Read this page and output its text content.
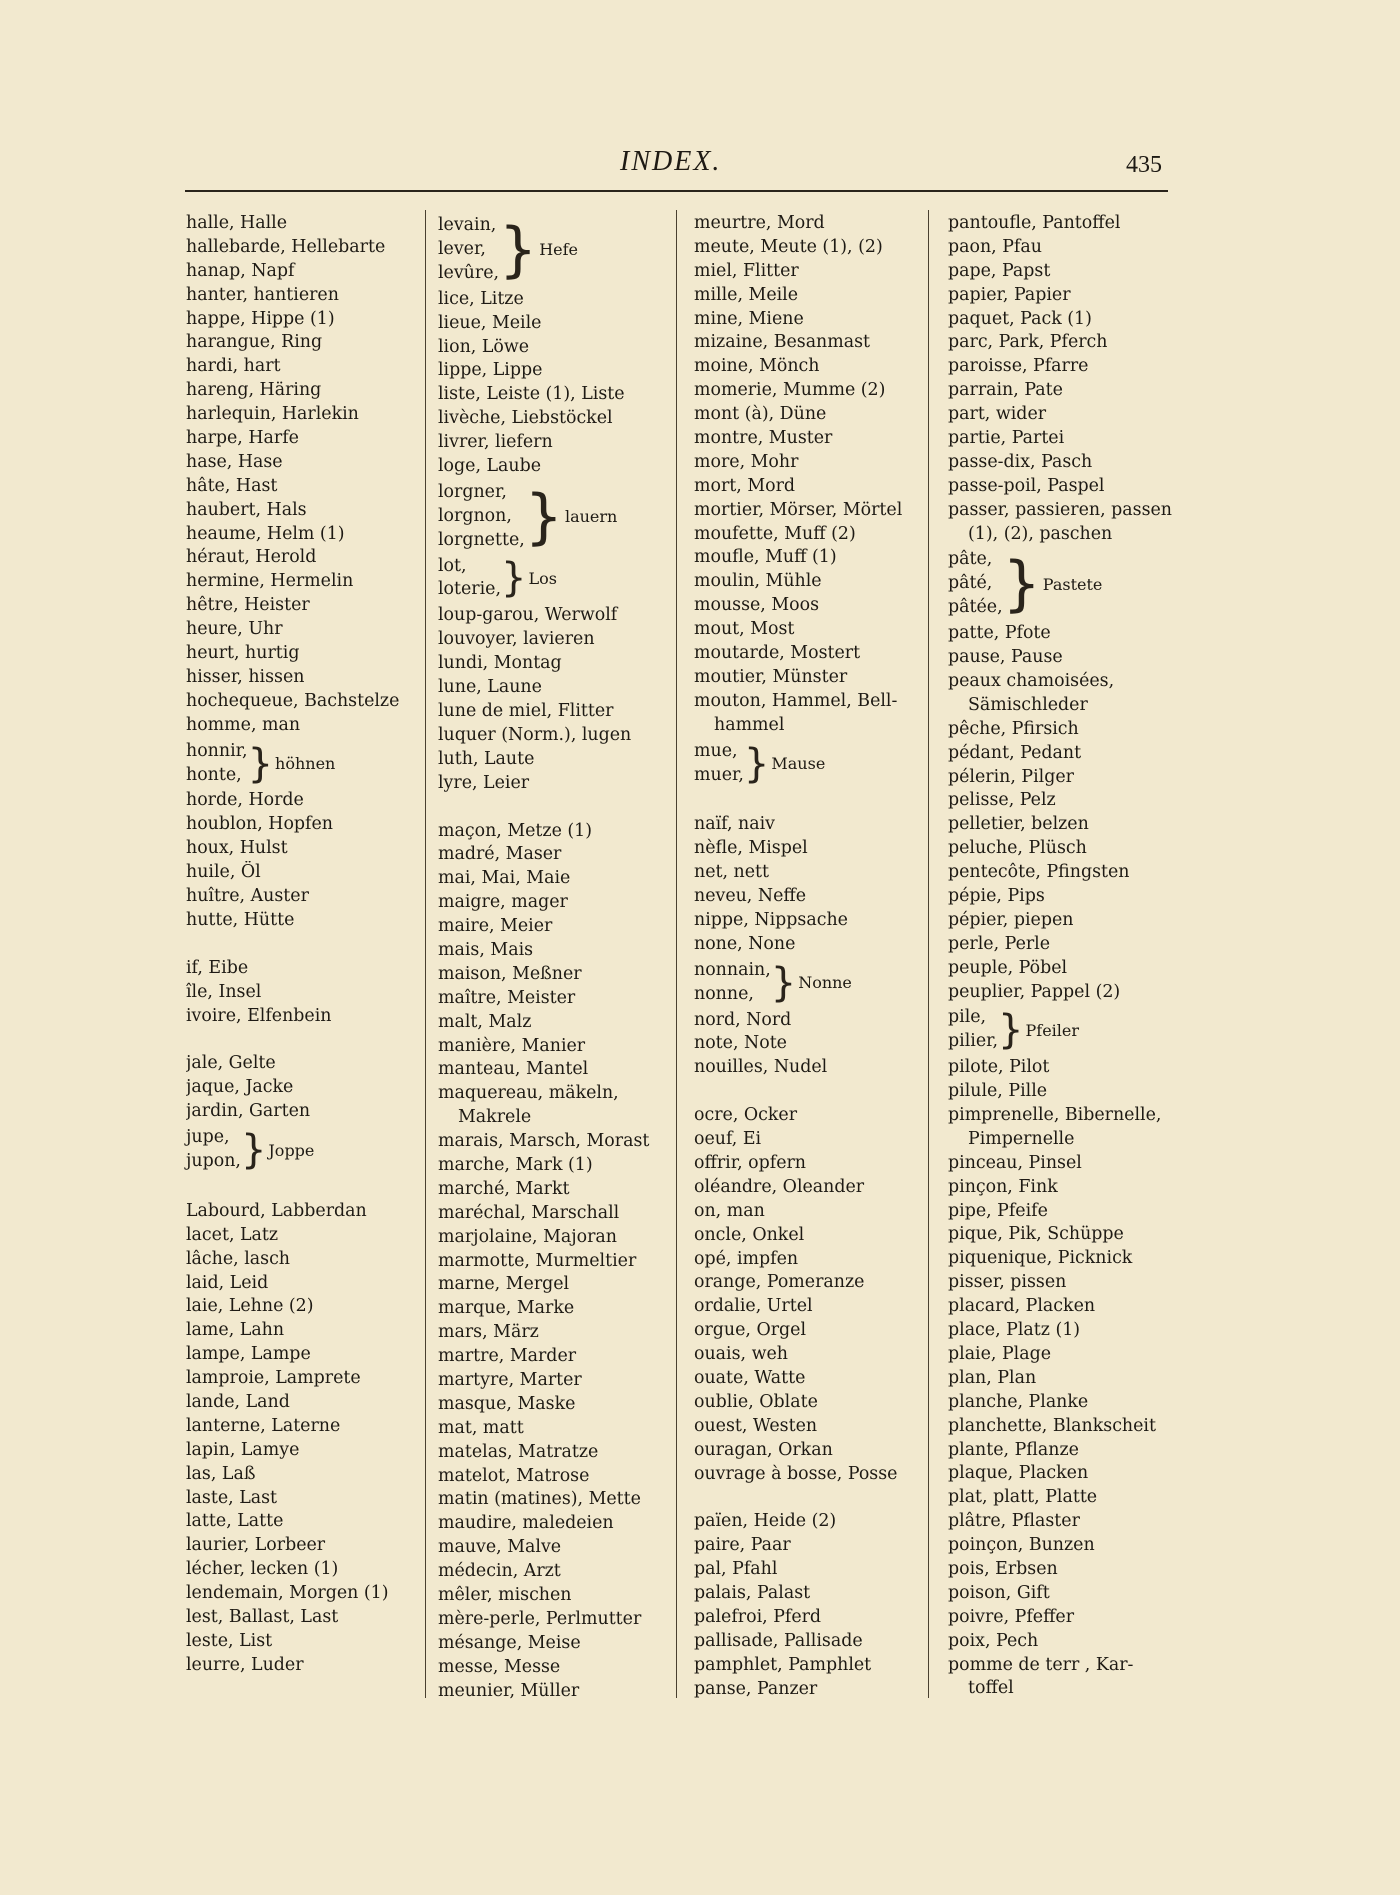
INDEX.	435
halle, Halle
hallebarde, Hellebarte
hanap, Napf
hanter, hantieren
happe, Hippe (1)
harangue, Ring
hardi, hart
hareng, Häring
harlequin, Harlekin
harpe, Harfe
hase, Hase
hâte, Hast
haubert, Hals
heaume, Helm (1)
héraut, Herold
hermine, Hermelin
hêtre, Heister
heure, Uhr
heurt, hurtig
hisser, hissen
hochequeue, Bachstelze
homme, man
honnir,
honte, } höhnen
horde, Horde
houblon, Hopfen
houx, Hulst
huile, Öl
huître, Auster
hutte, Hütte
if, Eibe
île, Insel
ivoire, Elfenbein
jale, Gelte
jaque, Jacke
jardin, Garten
jupe,
jupon, } Joppe
Labourd, Labberdan
lacet, Latz
lâche, lasch
laid, Leid
laie, Lehne (2)
lame, Lahn
lampe, Lampe
lamproie, Lamprete
lande, Land
lanterne, Laterne
lapin, Lamye
las, Laß
laste, Last
latte, Latte
laurier, Lorbeer
lécher, lecken (1)
lendemain, Morgen (1)
lest, Ballast, Last
leste, List
leurre, Luder
levain,
lever,
levûre, } Hefe
lice, Litze
lieue, Meile
lion, Löwe
lippe, Lippe
liste, Leiste (1), Liste
livèche, Liebstöckel
livrer, liefern
loge, Laube
lorgner,
lorgnon,
lorgnette, } lauern
lot,
loterie, } Los
loup-garou, Werwolf
louvoyer, lavieren
lundi, Montag
lune, Laune
lune de miel, Flitter
luquer (Norm.), lugen
luth, Laute
lyre, Leier
maçon, Metze (1)
madré, Maser
mai, Mai, Maie
maigre, mager
maire, Meier
mais, Mais
maison, Meßner
maître, Meister
malt, Malz
manière, Manier
manteau, Mantel
maquereau, mäkeln,
Makrele
marais, Marsch, Morast
marche, Mark (1)
marché, Markt
maréchal, Marschall
marjolaine, Majoran
marmotte, Murmeltier
marne, Mergel
marque, Marke
mars, März
martre, Marder
martyre, Marter
masque, Maske
mat, matt
matelas, Matratze
matelot, Matrose
matin (matines), Mette
maudire, maledeien
mauve, Malve
médecin, Arzt
mêler, mischen
mère-perle, Perlmutter
mésange, Meise
messe, Messe
meunier, Müller
meurtre, Mord
meute, Meute (1), (2)
miel, Flitter
mille, Meile
mine, Miene
mizaine, Besanmast
moine, Mönch
momerie, Mumme (2)
mont (à), Düne
montre, Muster
more, Mohr
mort, Mord
mortier, Mörser, Mörtel
moufette, Muff (2)
moufle, Muff (1)
moulin, Mühle
mousse, Moos
mout, Most
moutarde, Mostert
moutier, Münster
mouton, Hammel, Bell-
hammel
mue,
muer, } Mause
naïf, naiv
nèfle, Mispel
net, nett
neveu, Neffe
nippe, Nippsache
none, None
nonnain,
nonne, } Nonne
nord, Nord
note, Note
nouilles, Nudel
ocre, Ocker
oeuf, Ei
offrir, opfern
oléandre, Oleander
on, man
oncle, Onkel
opé, impfen
orange, Pomeranze
ordalie, Urtel
orgue, Orgel
ouais, weh
ouate, Watte
oublie, Oblate
ouest, Westen
ouragan, Orkan
ouvrage à bosse, Posse
païen, Heide (2)
paire, Paar
pal, Pfahl
palais, Palast
palefroi, Pferd
pallisade, Pallisade
pamphlet, Pamphlet
panse, Panzer
pantoufle, Pantoffel
paon, Pfau
pape, Papst
papier, Papier
paquet, Pack (1)
parc, Park, Pferch
paroisse, Pfarre
parrain, Pate
part, wider
partie, Partei
passe-dix, Pasch
passe-poil, Paspel
passer, passieren, passen
(1), (2), paschen
pâte,
pâté,
pâtée, } Pastete
patte, Pfote
pause, Pause
peaux chamoisées,
Sämischleder
pêche, Pfirsich
pédant, Pedant
pélerin, Pilger
pelisse, Pelz
pelletier, belzen
peluche, Plüsch
pentecôte, Pfingsten
pépie, Pips
pépier, piepen
perle, Perle
peuple, Pöbel
peuplier, Pappel (2)
pile,
pilier, } Pfeiler
pilote, Pilot
pilule, Pille
pimprenelle, Bibernelle,
Pimpernelle
pinceau, Pinsel
pinçon, Fink
pipe, Pfeife
pique, Pik, Schüppe
piquenique, Picknick
pisser, pissen
placard, Placken
place, Platz (1)
plaie, Plage
plan, Plan
planche, Planke
planchette, Blankscheit
plante, Pflanze
plaque, Placken
plat, platt, Platte
plâtre, Pflaster
poinçon, Bunzen
pois, Erbsen
poison, Gift
poivre, Pfeffer
poix, Pech
pomme de terr , Kar-
toffel
